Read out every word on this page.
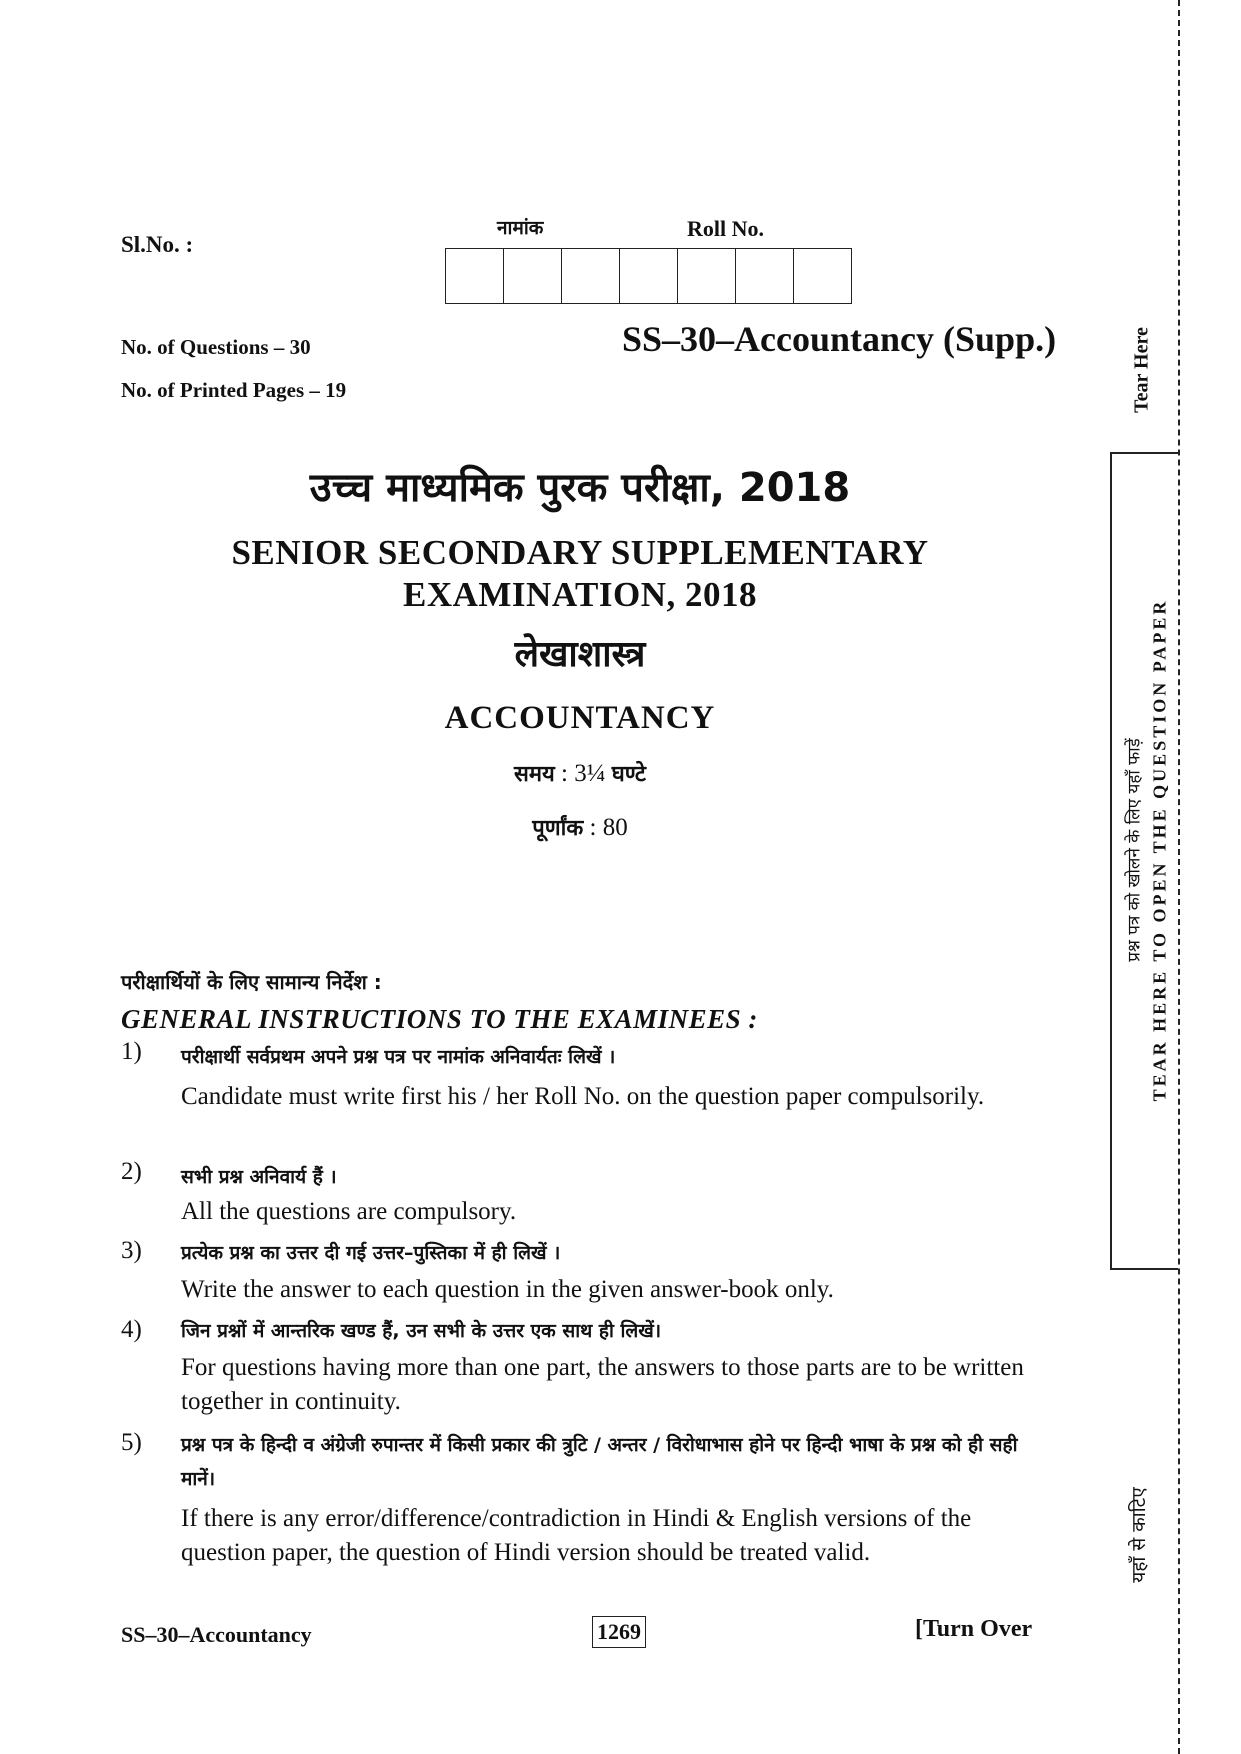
Sl.No. :
नामांक	Roll No.
No. of Questions – 30
No. of Printed Pages – 19
SS–30–Accountancy (Supp.)	Tear Here
प्रश्न पत्र को खोलने के लिए यहाँ फाड़ें TEAR HERE TO OPEN THE QUESTION PAPER
यहाँ से काटिए
उच्च माध्यमिक पुरक परीक्षा, 2018
SENIOR SECONDARY SUPPLEMENTARY
EXAMINATION, 2018
लेखाशास्त्र
ACCOUNTANCY
समय : 3¼ घण्टे
पूर्णांक : 80
परीक्षार्थियों के लिए सामान्य निर्देश :
GENERAL INSTRUCTIONS TO THE EXAMINEES :
1) परीक्षार्थी सर्वप्रथम अपने प्रश्न पत्र पर नामांक अनिवार्यतः लिखें ।
Candidate must write first his / her Roll No. on the question paper compulsorily.
2) सभी प्रश्न अनिवार्य हैं ।
All the questions are compulsory.
3) प्रत्येक प्रश्न का उत्तर दी गई उत्तर–पुस्तिका में ही लिखें ।
Write the answer to each question in the given answer-book only.
4) जिन प्रश्नों में आन्तरिक खण्ड हैं, उन सभी के उत्तर एक साथ ही लिखें।
For questions having more than one part, the answers to those parts are to be written together in continuity.
5) प्रश्न पत्र के हिन्दी व अंग्रेजी रुपान्तर में किसी प्रकार की त्रुटि / अन्तर / विरोधाभास होने पर हिन्दी भाषा के प्रश्न को ही सही मानें।
If there is any error/difference/contradiction in Hindi & English versions of the question paper, the question of Hindi version should be treated valid.
SS–30–Accountancy	1269	[Turn Over
